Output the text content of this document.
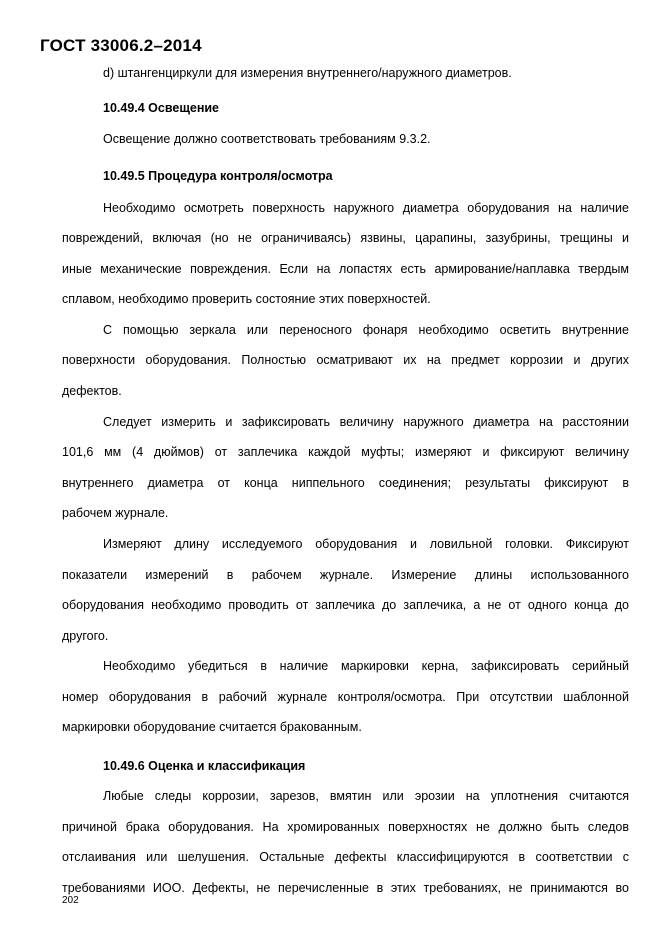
ГОСТ 33006.2–2014
d) штангенциркули для измерения внутреннего/наружного диаметров.
10.49.4 Освещение
Освещение должно соответствовать требованиям 9.3.2.
10.49.5 Процедура контроля/осмотра
Необходимо осмотреть поверхность наружного диаметра оборудования на наличие
повреждений, включая (но не ограничиваясь) язвины, царапины, зазубрины, трещины и
иные механические повреждения. Если на лопастях есть армирование/наплавка твердым
сплавом, необходимо проверить состояние этих поверхностей.
С помощью зеркала или переносного фонаря необходимо осветить внутренние
поверхности оборудования. Полностью осматривают их на предмет коррозии и других
дефектов.
Следует измерить и зафиксировать величину наружного диаметра на расстоянии
101,6 мм (4 дюймов) от заплечика каждой муфты; измеряют и фиксируют величину
внутреннего диаметра от конца ниппельного соединения; результаты фиксируют в
рабочем журнале.
Измеряют длину исследуемого оборудования и ловильной головки. Фиксируют
показатели измерений в рабочем журнале. Измерение длины использованного
оборудования необходимо проводить от заплечика до заплечика, а не от одного конца до
другого.
Необходимо убедиться в наличие маркировки керна, зафиксировать серийный
номер оборудования в рабочий журнале контроля/осмотра. При отсутствии шаблонной
маркировки оборудование считается бракованным.
10.49.6 Оценка и классификация
Любые следы коррозии, зарезов, вмятин или эрозии на уплотнения считаются
причиной брака оборудования. На хромированных поверхностях не должно быть следов
отслаивания или шелушения. Остальные дефекты классифицируются в соответствии с
требованиями ИОО. Дефекты, не перечисленные в этих требованиях, не принимаются во
202
